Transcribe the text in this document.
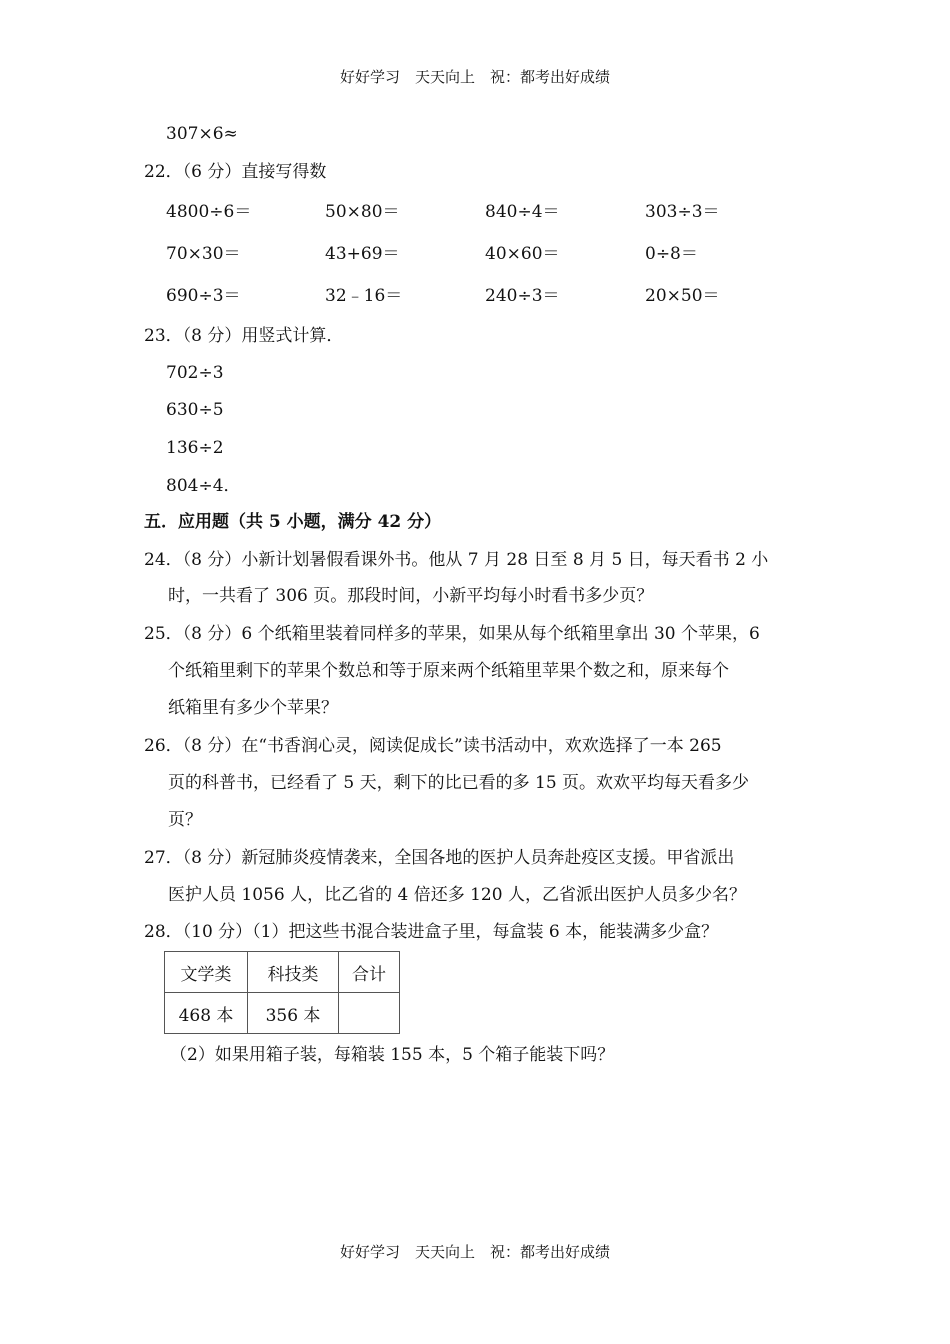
好好学习　天天向上　祝：都考出好成绩
307×6≈
22．（6 分）直接写得数
4800÷6＝	50×80＝	840÷4＝	303÷3＝
70×30＝	43+69＝	40×60＝	0÷8＝
690÷3＝	32﹣16＝	240÷3＝	20×50＝
23．（8 分）用竖式计算．
702÷3
630÷5
136÷2
804÷4．
五．应用题（共 5 小题，满分 42 分）
24．（8 分）小新计划暑假看课外书。他从 7 月 28 日至 8 月 5 日，每天看书 2 小
时，一共看了 306 页。那段时间，小新平均每小时看书多少页？
25．（8 分）6 个纸箱里装着同样多的苹果，如果从每个纸箱里拿出 30 个苹果，6
个纸箱里剩下的苹果个数总和等于原来两个纸箱里苹果个数之和，原来每个
纸箱里有多少个苹果？
26．（8 分）在“书香润心灵，阅读促成长”读书活动中，欢欢选择了一本 265
页的科普书，已经看了 5 天，剩下的比已看的多 15 页。欢欢平均每天看多少
页？
27．（8 分）新冠肺炎疫情袭来，全国各地的医护人员奔赴疫区支援。甲省派出
医护人员 1056 人，比乙省的 4 倍还多 120 人，乙省派出医护人员多少名？
28．（10 分）（1）把这些书混合装进盒子里，每盒装 6 本，能装满多少盒？
文学类	科技类	合计
468 本	356 本	
（2）如果用箱子装，每箱装 155 本，5 个箱子能装下吗？
好好学习　天天向上　祝：都考出好成绩
